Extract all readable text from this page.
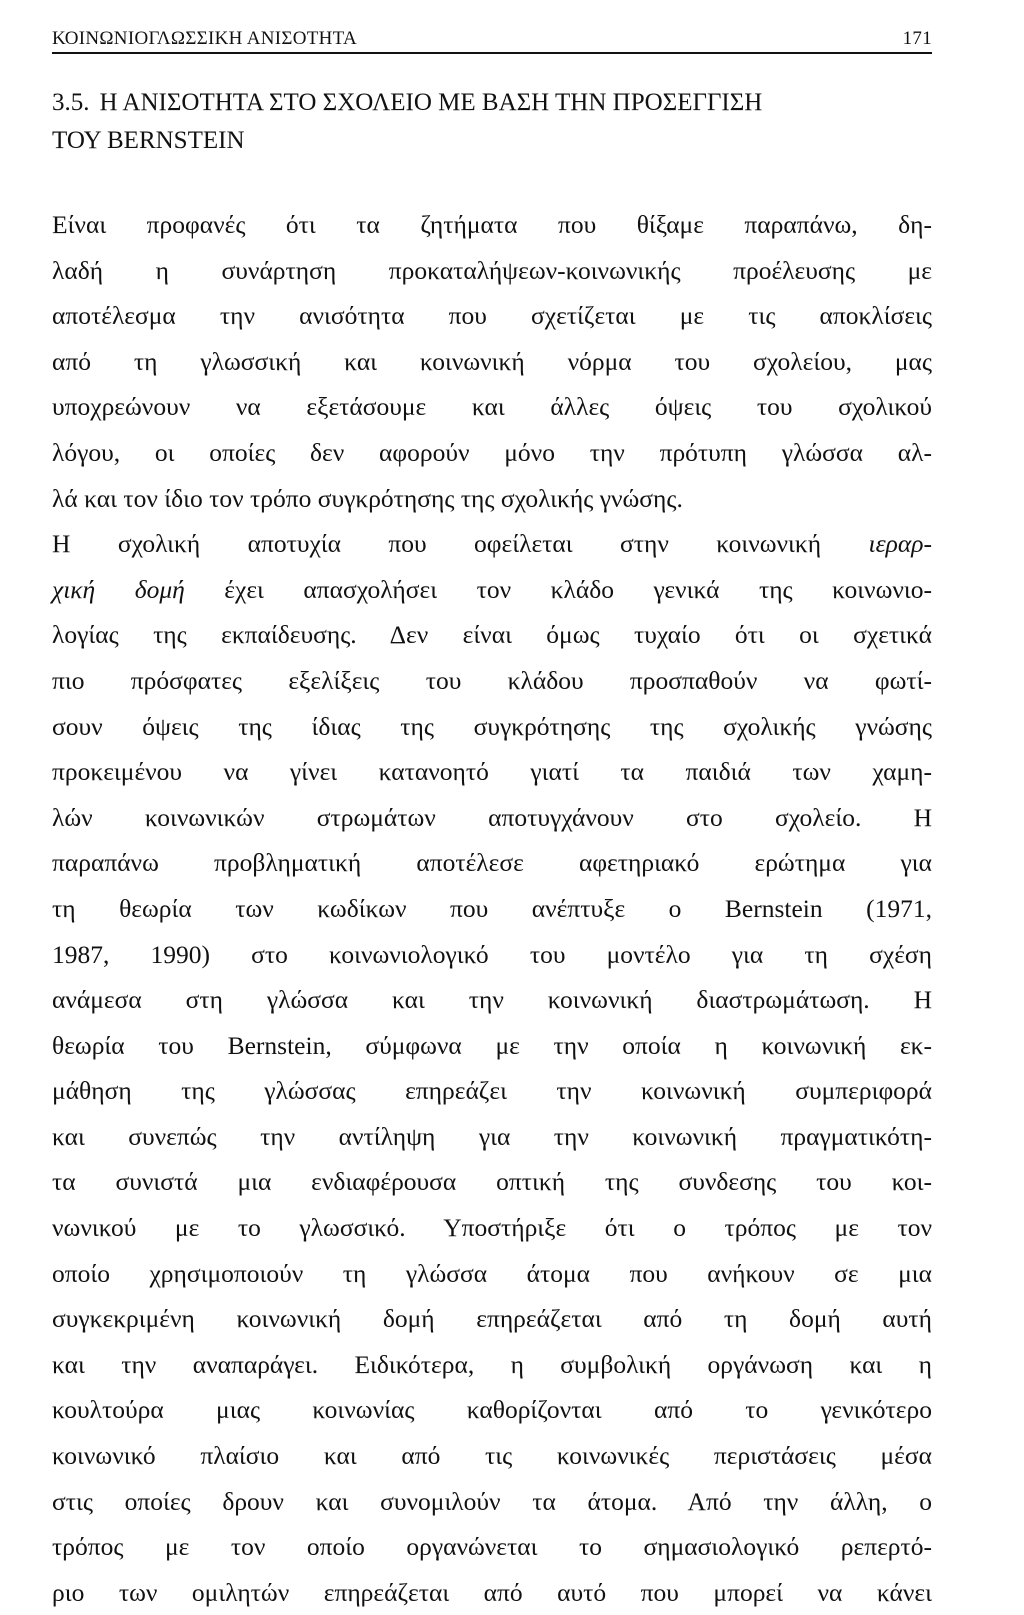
ΚΟΙΝΩΝΙΟΓΛΩΣΣΙΚΗ ΑΝΙΣΟΤΗΤΑ	171
3.5. Η ΑΝΙΣΟΤΗΤΑ ΣΤΟ ΣΧΟΛΕΙΟ ΜΕ ΒΑΣΗ ΤΗΝ ΠΡΟΣΕΓΓΙΣΗ
ΤΟΥ BERNSTEIN
Είναι προφανές ότι τα ζητήματα που θίξαμε παραπάνω, δη-
λαδή η συνάρτηση προκαταλήψεων-κοινωνικής προέλευσης με
αποτέλεσμα την ανισότητα που σχετίζεται με τις αποκλίσεις
από τη γλωσσική και κοινωνική νόρμα του σχολείου, μας
υποχρεώνουν να εξετάσουμε και άλλες όψεις του σχολικού
λόγου, οι οποίες δεν αφορούν μόνο την πρότυπη γλώσσα αλ-
λά και τον ίδιο τον τρόπο συγκρότησης της σχολικής γνώσης.
Η σχολική αποτυχία που οφείλεται στην κοινωνική ιεραρ-
χική δομή έχει απασχολήσει τον κλάδο γενικά της κοινωνιο-
λογίας της εκπαίδευσης. Δεν είναι όμως τυχαίο ότι οι σχετικά
πιο πρόσφατες εξελίξεις του κλάδου προσπαθούν να φωτί-
σουν όψεις της ίδιας της συγκρότησης της σχολικής γνώσης
προκειμένου να γίνει κατανοητό γιατί τα παιδιά των χαμη-
λών κοινωνικών στρωμάτων αποτυγχάνουν στο σχολείο. Η
παραπάνω προβληματική αποτέλεσε αφετηριακό ερώτημα για
τη θεωρία των κωδίκων που ανέπτυξε ο Bernstein (1971,
1987, 1990) στο κοινωνιολογικό του μοντέλο για τη σχέση
ανάμεσα στη γλώσσα και την κοινωνική διαστρωμάτωση. Η
θεωρία του Bernstein, σύμφωνα με την οποία η κοινωνική εκ-
μάθηση της γλώσσας επηρεάζει την κοινωνική συμπεριφορά
και συνεπώς την αντίληψη για την κοινωνική πραγματικότη-
τα συνιστά μια ενδιαφέρουσα οπτική της συνδεσης του κοι-
νωνικού με το γλωσσικό. Υποστήριξε ότι ο τρόπος με τον
οποίο χρησιμοποιούν τη γλώσσα άτομα που ανήκουν σε μια
συγκεκριμένη κοινωνική δομή επηρεάζεται από τη δομή αυτή
και την αναπαράγει. Ειδικότερα, η συμβολική οργάνωση και η
κουλτούρα μιας κοινωνίας καθορίζονται από το γενικότερο
κοινωνικό πλαίσιο και από τις κοινωνικές περιστάσεις μέσα
στις οποίες δρουν και συνομιλούν τα άτομα. Από την άλλη, ο
τρόπος με τον οποίο οργανώνεται το σημασιολογικό ρεπερτό-
ριο των ομιλητών επηρεάζεται από αυτό που μπορεί να κάνει
